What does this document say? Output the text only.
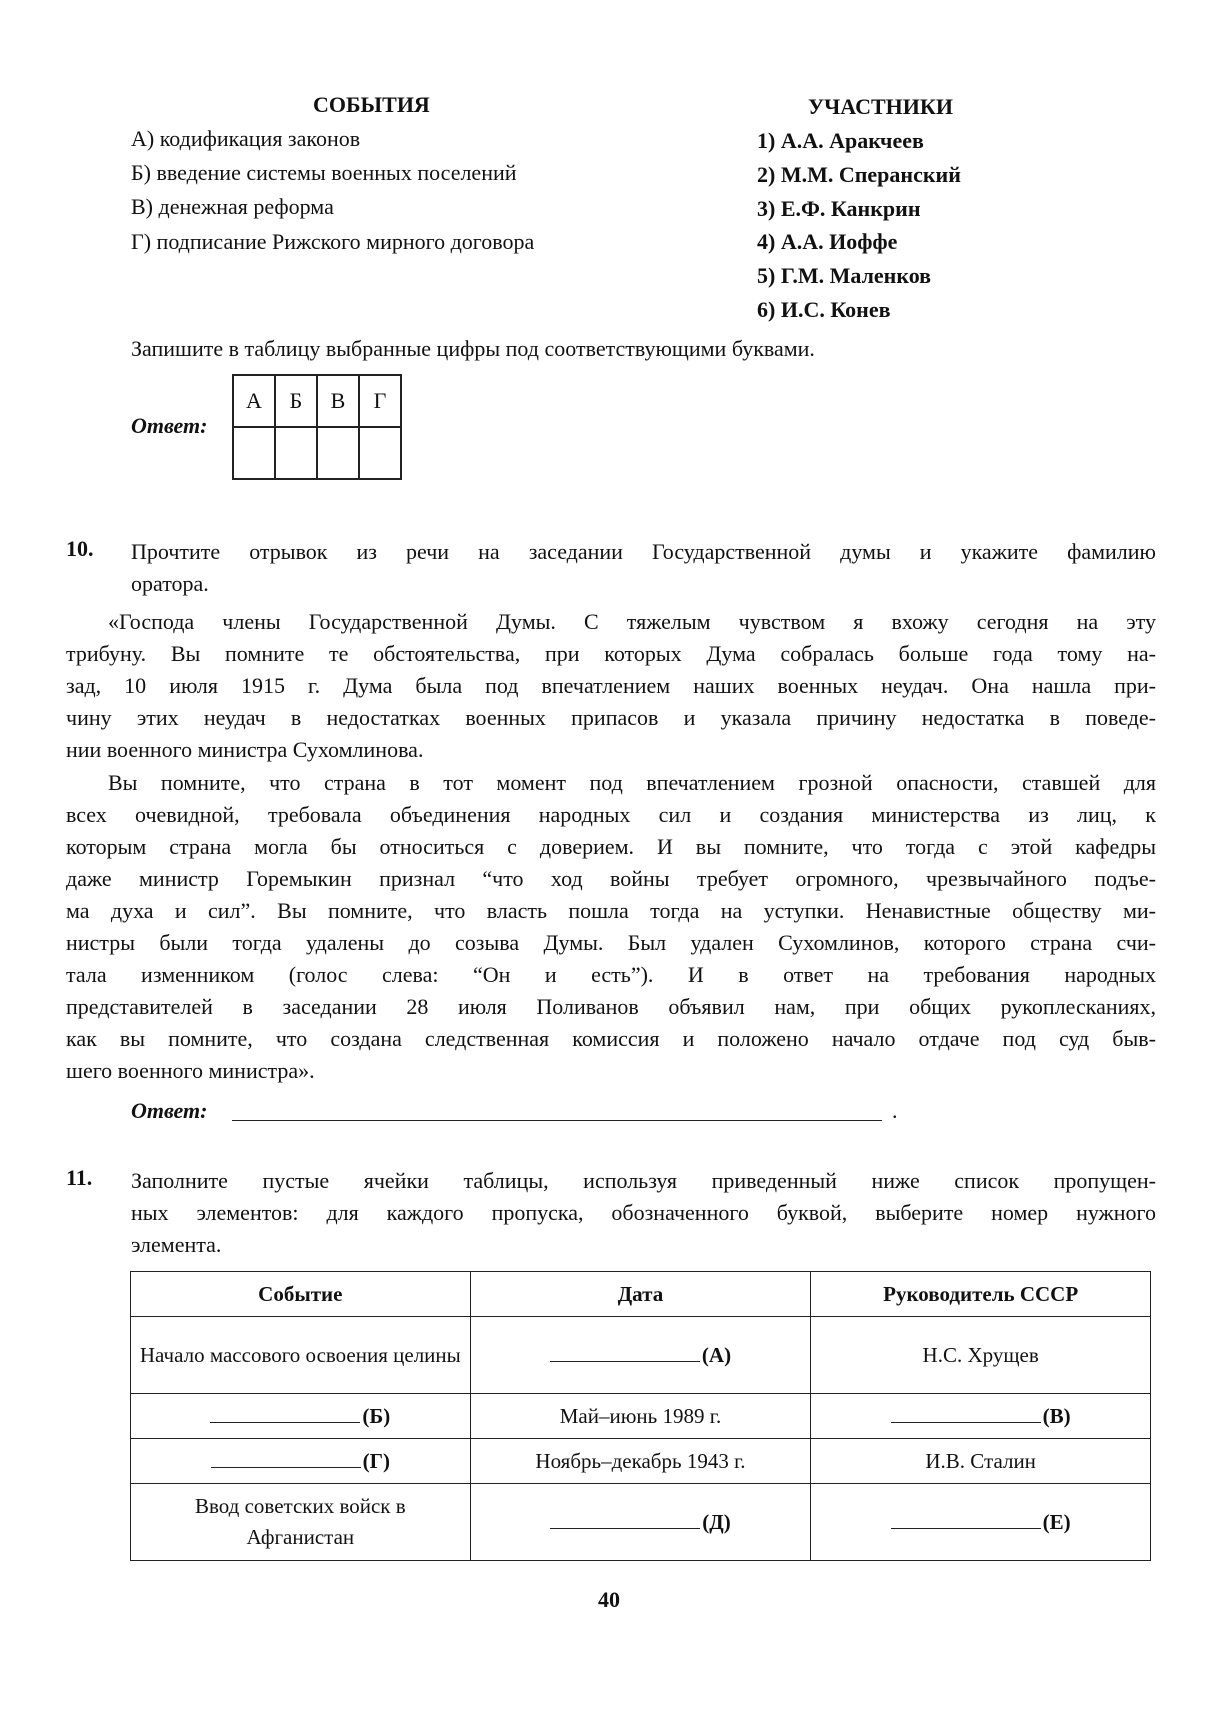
СОБЫТИЯ
А) кодификация законов
Б) введение системы военных поселений
В) денежная реформа
Г) подписание Рижского мирного договора
УЧАСТНИКИ
1) А.А. Аракчеев
2) М.М. Сперанский
3) Е.Ф. Канкрин
4) А.А. Иоффе
5) Г.М. Маленков
6) И.С. Конев
Запишите в таблицу выбранные цифры под соответствующими буквами.
Ответ:
А	Б	В	Г

10. Прочтите отрывок из речи на заседании Государственной думы и укажите фамилию
оратора.
«Господа члены Государственной Думы. С тяжелым чувством я вхожу сегодня на эту
трибуну. Вы помните те обстоятельства, при которых Дума собралась больше года тому на-
зад, 10 июля 1915 г. Дума была под впечатлением наших военных неудач. Она нашла при-
чину этих неудач в недостатках военных припасов и указала причину недостатка в поведе-
нии военного министра Сухомлинова.
Вы помните, что страна в тот момент под впечатлением грозной опасности, ставшей для
всех очевидной, требовала объединения народных сил и создания министерства из лиц, к
которым страна могла бы относиться с доверием. И вы помните, что тогда с этой кафедры
даже министр Горемыкин признал “что ход войны требует огромного, чрезвычайного подъе-
ма духа и сил”. Вы помните, что власть пошла тогда на уступки. Ненавистные обществу ми-
нистры были тогда удалены до созыва Думы. Был удален Сухомлинов, которого страна счи-
тала изменником (голос слева: “Он и есть”). И в ответ на требования народных
представителей в заседании 28 июля Поливанов объявил нам, при общих рукоплесканиях,
как вы помните, что создана следственная комиссия и положено начало отдаче под суд быв-
шего военного министра».
Ответ:	.
11. Заполните пустые ячейки таблицы, используя приведенный ниже список пропущен-
ных элементов: для каждого пропуска, обозначенного буквой, выберите номер нужного
элемента.
Событие	Дата	Руководитель СССР
Начало массового освоения целины	(А)	Н.С. Хрущев
(Б)	Май–июнь 1989 г.	(В)
(Г)	Ноябрь–декабрь 1943 г.	И.В. Сталин
Ввод советских войск в Афганистан	(Д)	(Е)
40
